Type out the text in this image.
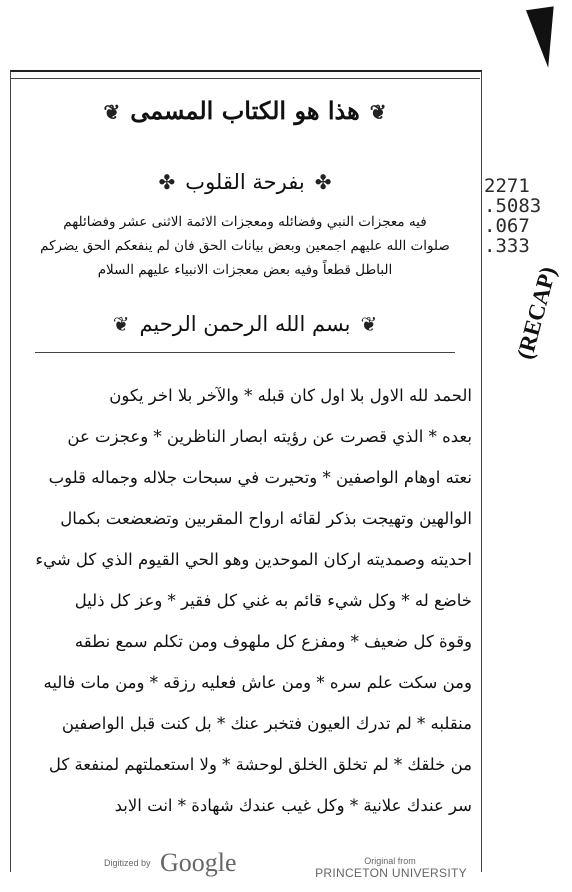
❦هذا هو الكتاب المسمى❦
✤بفرحة القلوب✤
فيه معجزات النبي وفضائله ومعجزات الائمة الاثنى عشر وفضائلهم
صلوات الله عليهم اجمعين وبعض بيانات الحق فان لم ينفعكم الحق يضركم
الباطل قطعاً وفيه بعض معجزات الانبياء عليهم السلام
❦بسم الله الرحمن الرحيم❦
الحمد لله الاول بلا اول كان قبله * والآخر بلا اخر يكون
بعده * الذي قصرت عن رؤيته ابصار الناظرين * وعجزت عن
نعته اوهام الواصفين * وتحيرت في سبحات جلاله وجماله قلوب
الوالهين وتهيجت بذكر لقائه ارواح المقربين وتضعضعت بكمال
احديته وصمديته اركان الموحدين وهو الحي القيوم الذي كل شيء
خاضع له * وكل شيء قائم به غني كل فقير * وعز كل ذليل
وقوة كل ضعيف * ومفزع كل ملهوف ومن تكلم سمع نطقه
ومن سكت علم سره * ومن عاش فعليه رزقه * ومن مات فاليه
منقلبه * لم تدرك العيون فتخبر عنك * بل كنت قبل الواصفين
من خلقك * لم تخلق الخلق لوحشة * ولا استعملتهم لمنفعة كل
سر عندك علانية * وكل غيب عندك شهادة * انت الابد
2271
.5083
.067
.333
(RECAP)
Digitized by Google	Original from
PRINCETON UNIVERSITY
